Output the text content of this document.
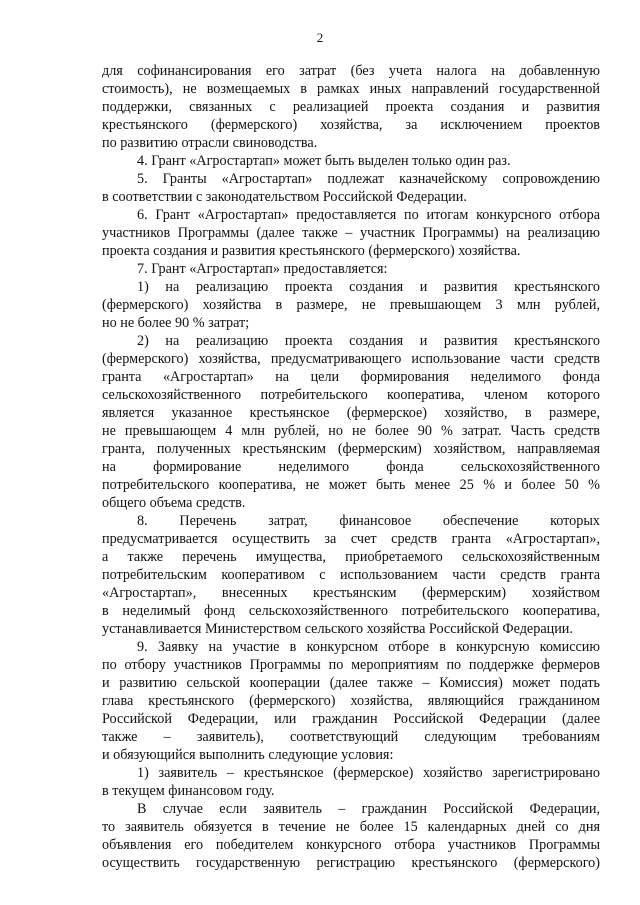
2
для софинансирования его затрат (без учета налога на добавленную
стоимость), не возмещаемых в рамках иных направлений государственной
поддержки, связанных с реализацией проекта создания и развития
крестьянского (фермерского) хозяйства, за исключением проектов
по развитию отрасли свиноводства.
4. Грант «Агростартап» может быть выделен только один раз.
5. Гранты «Агростартап» подлежат казначейскому сопровождению
в соответствии с законодательством Российской Федерации.
6. Грант «Агростартап» предоставляется по итогам конкурсного отбора
участников Программы (далее также – участник Программы) на реализацию
проекта создания и развития крестьянского (фермерского) хозяйства.
7. Грант «Агростартап» предоставляется:
1) на реализацию проекта создания и развития крестьянского
(фермерского) хозяйства в размере, не превышающем 3 млн рублей,
но не более 90 % затрат;
2) на реализацию проекта создания и развития крестьянского
(фермерского) хозяйства, предусматривающего использование части средств
гранта «Агростартап» на цели формирования неделимого фонда
сельскохозяйственного потребительского кооператива, членом которого
является указанное крестьянское (фермерское) хозяйство, в размере,
не превышающем 4 млн рублей, но не более 90 % затрат. Часть средств
гранта, полученных крестьянским (фермерским) хозяйством, направляемая
на формирование неделимого фонда сельскохозяйственного
потребительского кооператива, не может быть менее 25 % и более 50 %
общего объема средств.
8. Перечень затрат, финансовое обеспечение которых
предусматривается осуществить за счет средств гранта «Агростартап»,
а также перечень имущества, приобретаемого сельскохозяйственным
потребительским кооперативом с использованием части средств гранта
«Агростартап», внесенных крестьянским (фермерским) хозяйством
в неделимый фонд сельскохозяйственного потребительского кооператива,
устанавливается Министерством сельского хозяйства Российской Федерации.
9. Заявку на участие в конкурсном отборе в конкурсную комиссию
по отбору участников Программы по мероприятиям по поддержке фермеров
и развитию сельской кооперации (далее также – Комиссия) может подать
глава крестьянского (фермерского) хозяйства, являющийся гражданином
Российской Федерации, или гражданин Российской Федерации (далее
также – заявитель), соответствующий следующим требованиям
и обязующийся выполнить следующие условия:
1) заявитель – крестьянское (фермерское) хозяйство зарегистрировано
в текущем финансовом году.
В случае если заявитель – гражданин Российской Федерации,
то заявитель обязуется в течение не более 15 календарных дней со дня
объявления его победителем конкурсного отбора участников Программы
осуществить государственную регистрацию крестьянского (фермерского)
